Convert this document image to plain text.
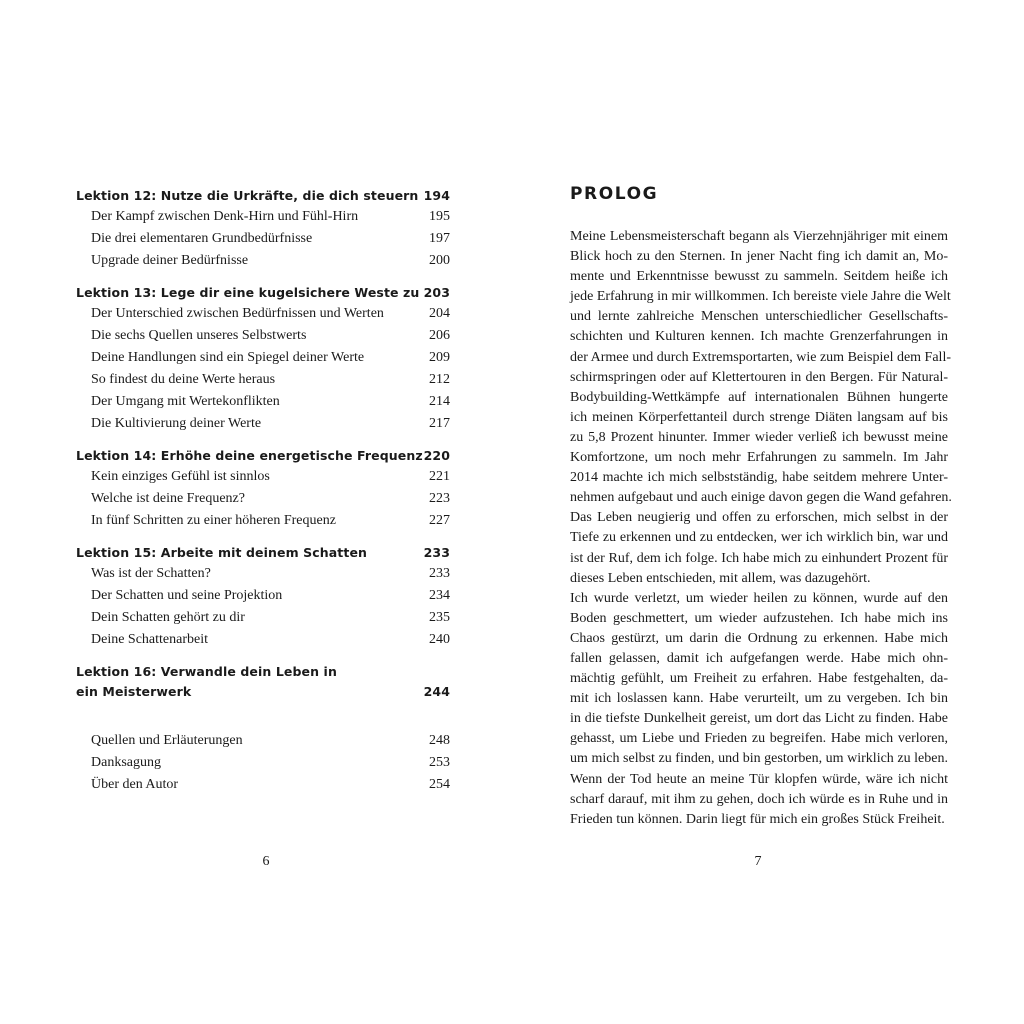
Lektion 12: Nutze die Urkräfte, die dich steuern 194
Der Kampf zwischen Denk-Hirn und Fühl-Hirn	195
Die drei elementaren Grundbedürfnisse	197
Upgrade deiner Bedürfnisse	200
Lektion 13: Lege dir eine kugelsichere Weste zu 203
Der Unterschied zwischen Bedürfnissen und Werten	204
Die sechs Quellen unseres Selbstwerts	206
Deine Handlungen sind ein Spiegel deiner Werte	209
So findest du deine Werte heraus	212
Der Umgang mit Wertekonflikten	214
Die Kultivierung deiner Werte	217
Lektion 14: Erhöhe deine energetische Frequenz 220
Kein einziges Gefühl ist sinnlos	221
Welche ist deine Frequenz?	223
In fünf Schritten zu einer höheren Frequenz	227
Lektion 15: Arbeite mit deinem Schatten	233
Was ist der Schatten?	233
Der Schatten und seine Projektion	234
Dein Schatten gehört zu dir	235
Deine Schattenarbeit	240
Lektion 16: Verwandle dein Leben in
ein Meisterwerk	244
Quellen und Erläuterungen	248
Danksagung	253
Über den Autor	254
6
PROLOG
Meine Lebensmeisterschaft begann als Vierzehnjähriger mit einem
Blick hoch zu den Sternen. In jener Nacht fing ich damit an, Mo-
mente und Erkenntnisse bewusst zu sammeln. Seitdem heiße ich
jede Erfahrung in mir willkommen. Ich bereiste viele Jahre die Welt
und lernte zahlreiche Menschen unterschiedlicher Gesellschafts-
schichten und Kulturen kennen. Ich machte Grenzerfahrungen in
der Armee und durch Extremsportarten, wie zum Beispiel dem Fall-
schirmspringen oder auf Klettertouren in den Bergen. Für Natural-
Bodybuilding-Wettkämpfe auf internationalen Bühnen hungerte
ich meinen Körperfettanteil durch strenge Diäten langsam auf bis
zu 5,8 Prozent hinunter. Immer wieder verließ ich bewusst meine
Komfortzone, um noch mehr Erfahrungen zu sammeln. Im Jahr
2014 machte ich mich selbstständig, habe seitdem mehrere Unter-
nehmen aufgebaut und auch einige davon gegen die Wand gefahren.
Das Leben neugierig und offen zu erforschen, mich selbst in der
Tiefe zu erkennen und zu entdecken, wer ich wirklich bin, war und
ist der Ruf, dem ich folge. Ich habe mich zu einhundert Prozent für
dieses Leben entschieden, mit allem, was dazugehört.
Ich wurde verletzt, um wieder heilen zu können, wurde auf den
Boden geschmettert, um wieder aufzustehen. Ich habe mich ins
Chaos gestürzt, um darin die Ordnung zu erkennen. Habe mich
fallen gelassen, damit ich aufgefangen werde. Habe mich ohn-
mächtig gefühlt, um Freiheit zu erfahren. Habe festgehalten, da-
mit ich loslassen kann. Habe verurteilt, um zu vergeben. Ich bin
in die tiefste Dunkelheit gereist, um dort das Licht zu finden. Habe
gehasst, um Liebe und Frieden zu begreifen. Habe mich verloren,
um mich selbst zu finden, und bin gestorben, um wirklich zu leben.
Wenn der Tod heute an meine Tür klopfen würde, wäre ich nicht
scharf darauf, mit ihm zu gehen, doch ich würde es in Ruhe und in
Frieden tun können. Darin liegt für mich ein großes Stück Freiheit.
7
